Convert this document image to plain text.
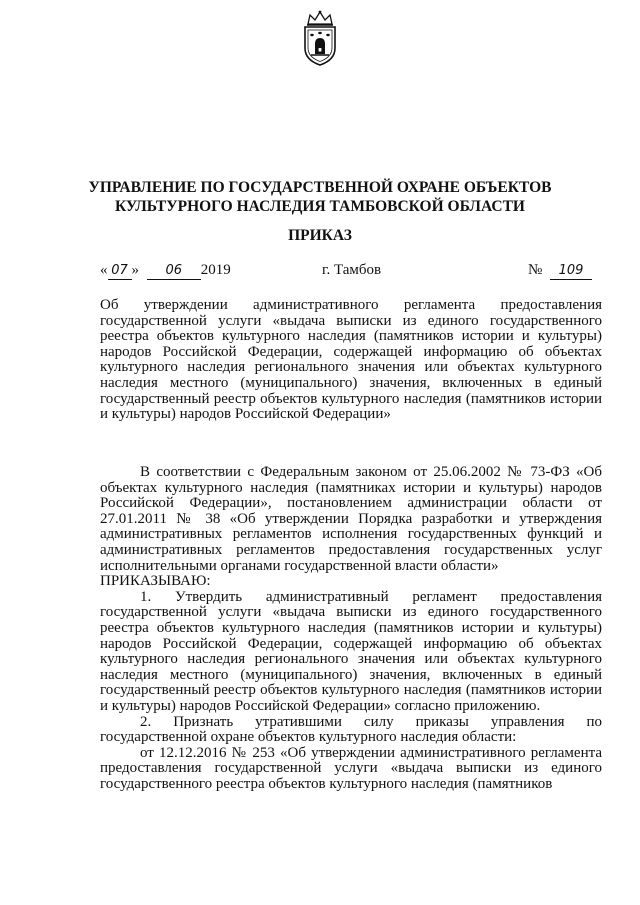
УПРАВЛЕНИЕ ПО ГОСУДАРСТВЕННОЙ ОХРАНЕ ОБЪЕКТОВ
КУЛЬТУРНОГО НАСЛЕДИЯ ТАМБОВСКОЙ ОБЛАСТИ
ПРИКАЗ
« 07 » 06 2019	г. Тамбов	№ 109
Об утверждении административного регламента предоставления государственной услуги «выдача выписки из единого государственного реестра объектов культурного наследия (памятников истории и культуры) народов Российской Федерации, содержащей информацию об объектах культурного наследия регионального значения или объектах культурного наследия местного (муниципального) значения, включенных в единый государственный реестр объектов культурного наследия (памятников истории и культуры) народов Российской Федерации»

В соответствии с Федеральным законом от 25.06.2002 № 73-ФЗ «Об объектах культурного наследия (памятниках истории и культуры) народов Российской Федерации», постановлением администрации области от 27.01.2011 № 38 «Об утверждении Порядка разработки и утверждения административных регламентов исполнения государственных функций и административных регламентов предоставления государственных услуг исполнительными органами государственной власти области»

ПРИКАЗЫВАЮ:

1. Утвердить административный регламент предоставления государственной услуги «выдача выписки из единого государственного реестра объектов культурного наследия (памятников истории и культуры) народов Российской Федерации, содержащей информацию об объектах культурного наследия регионального значения или объектах культурного наследия местного (муниципального) значения, включенных в единый государственный реестр объектов культурного наследия (памятников истории и культуры) народов Российской Федерации» согласно приложению.

2. Признать утратившими силу приказы управления по государственной охране объектов культурного наследия области:

от 12.12.2016 № 253 «Об утверждении административного регламента предоставления государственной услуги «выдача выписки из единого государственного реестра объектов культурного наследия (памятников
